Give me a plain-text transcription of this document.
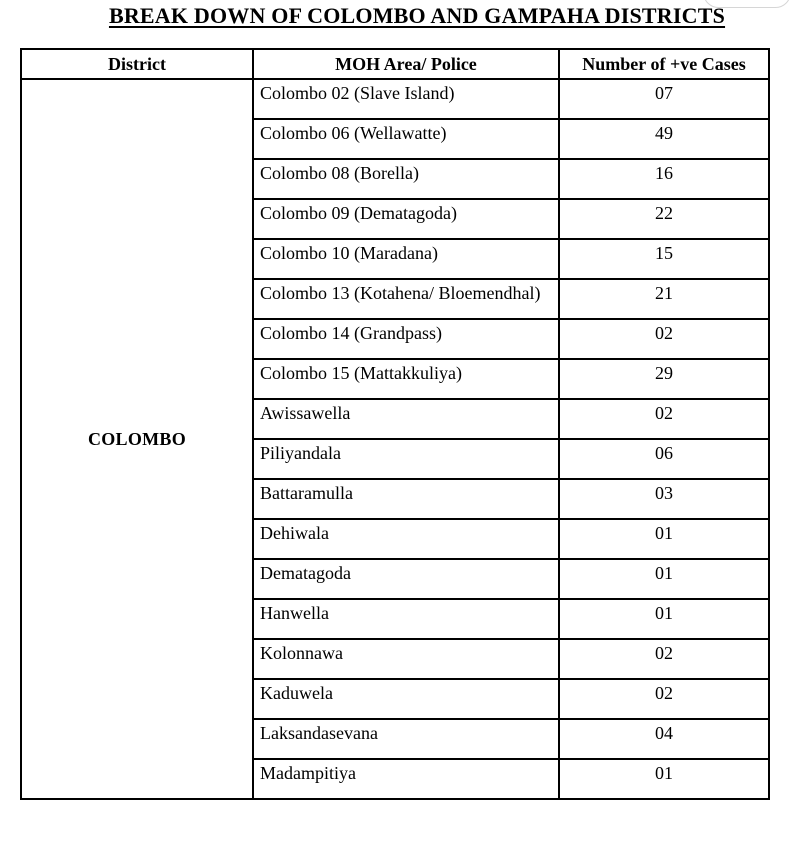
BREAK DOWN OF COLOMBO AND GAMPAHA DISTRICTS
District	MOH Area/ Police	Number of +ve Cases
COLOMBO	Colombo 02 (Slave Island)	07
	Colombo 06 (Wellawatte)	49
	Colombo 08 (Borella)	16
	Colombo 09 (Dematagoda)	22
	Colombo 10 (Maradana)	15
	Colombo 13 (Kotahena/ Bloemendhal)	21
	Colombo 14 (Grandpass)	02
	Colombo 15 (Mattakkuliya)	29
	Awissawella	02
	Piliyandala	06
	Battaramulla	03
	Dehiwala	01
	Dematagoda	01
	Hanwella	01
	Kolonnawa	02
	Kaduwela	02
	Laksandasevana	04
	Madampitiya	01
